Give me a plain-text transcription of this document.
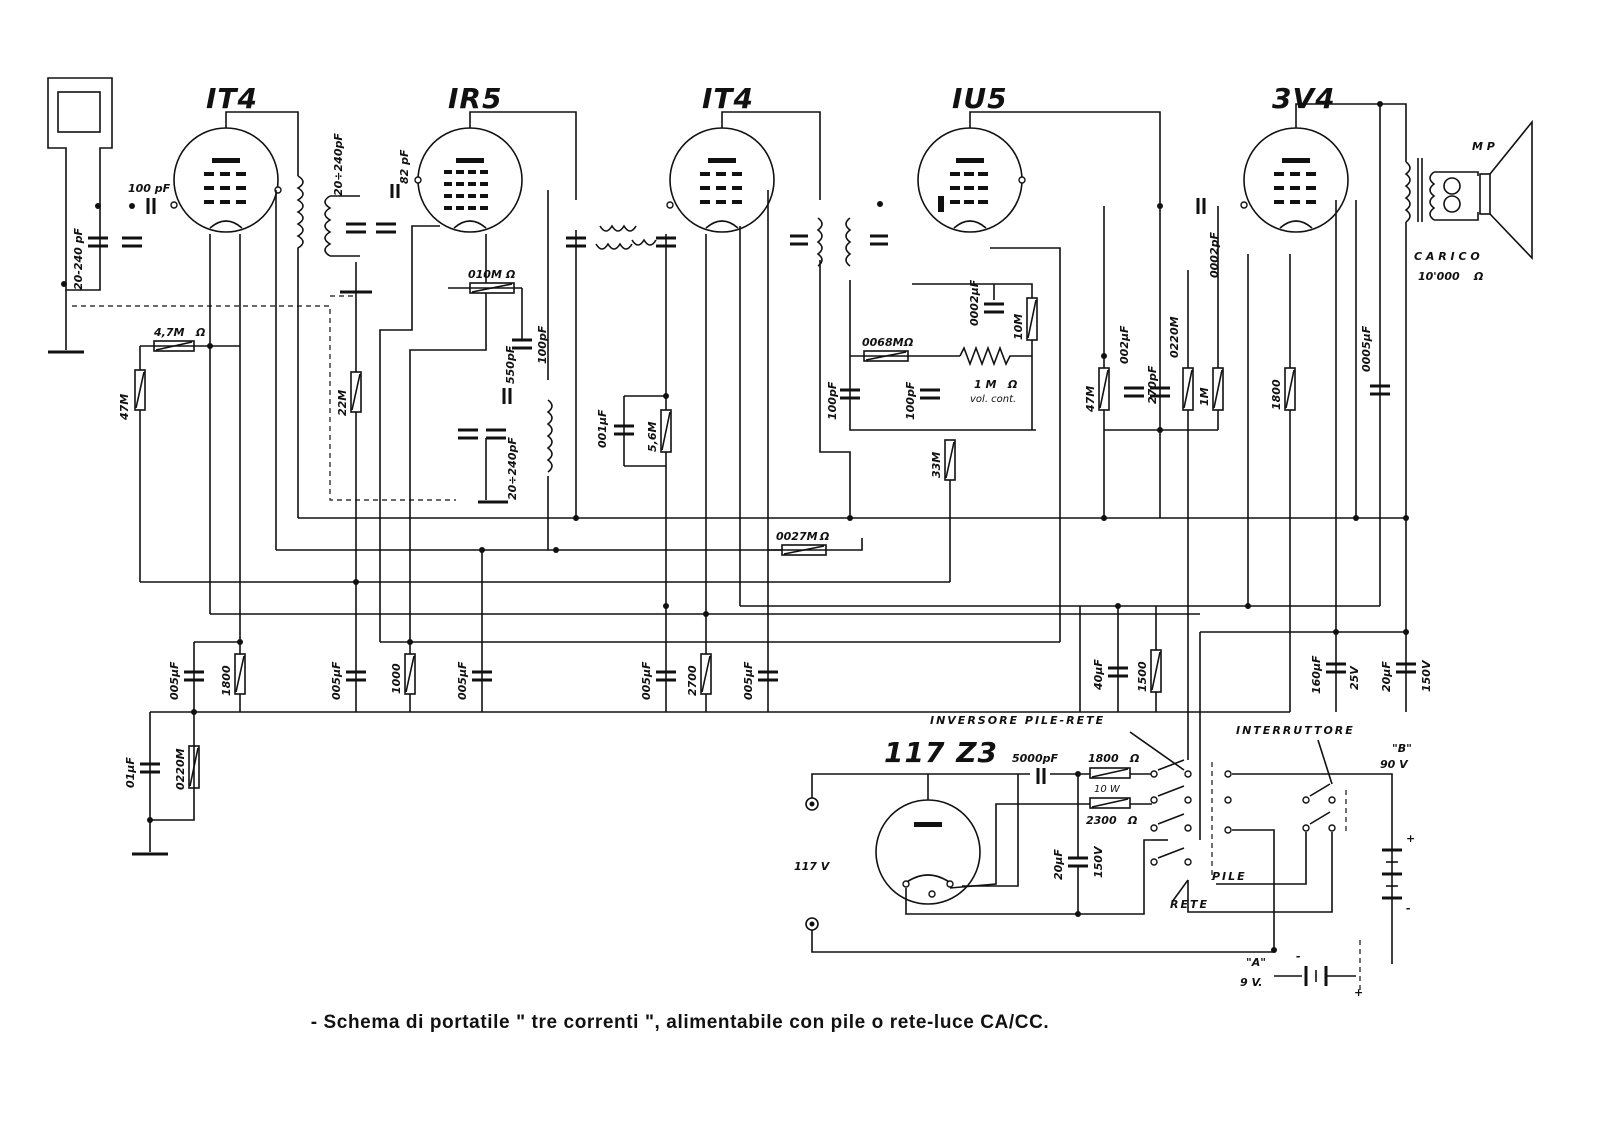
IT4	IR5	IT4	IU5	3V4
M P
C A R I C O
10'000 Ω
117 Z3
+
-
-
+
20-240 pF
100 pF
4,7M
47M
20÷240pF	82 pF
22M
010M
100pF
550pF
20÷240pF
001µF	5,6M
0068M
0002µF
10M
1 M
vol. cont.
100pF	100pF
33M
47M
002µF
270pF
0220M
1M
0002pF
1800
0005µF
0027M
005µF	1800
01µF	0220M
005µF	1000	005µF	005µF	2700	005µF	40µF	1500	160µF 25V 20µF 150V
5000pF	1800
10 W
2300
20µF 150V
117 V
INVERSORE PILE-RETE
INTERRUTTORE
"B"
90 V
"A"
9 V.
PILE
RETE
Ω
Ω
Ω
Ω
Ω
Ω
Ω
- Schema di portatile " tre correnti ", alimentabile con pile o rete-luce CA/CC.
